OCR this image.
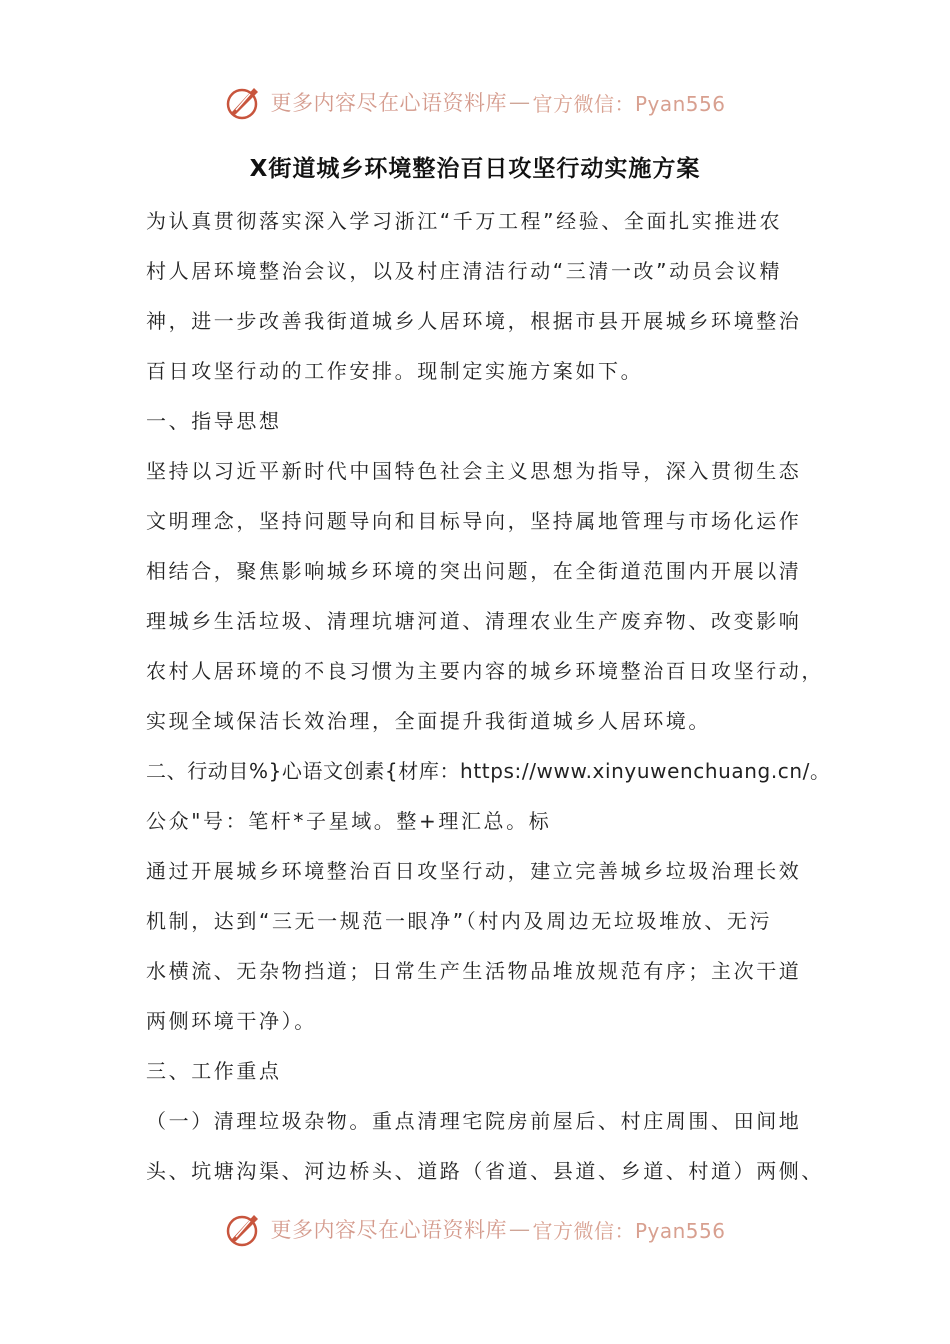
更多内容尽在心语资料库 — 官方微信：Pyan556
X街道城乡环境整治百日攻坚行动实施方案
为认真贯彻落实深入学习浙江“千万工程”经验、全面扎实推进农
村人居环境整治会议，以及村庄清洁行动“三清一改”动员会议精
神，进一步改善我街道城乡人居环境，根据市县开展城乡环境整治
百日攻坚行动的工作安排。现制定实施方案如下。
一、指导思想
坚持以习近平新时代中国特色社会主义思想为指导，深入贯彻生态
文明理念，坚持问题导向和目标导向，坚持属地管理与市场化运作
相结合，聚焦影响城乡环境的突出问题，在全街道范围内开展以清
理城乡生活垃圾、清理坑塘河道、清理农业生产废弃物、改变影响
农村人居环境的不良习惯为主要内容的城乡环境整治百日攻坚行动，
实现全域保洁长效治理，全面提升我街道城乡人居环境。
二、行动目%}心语文创素{材库：https://www.xinyuwenchuang.cn/。
公众"号：笔杆*子星域。整+理汇总。标
通过开展城乡环境整治百日攻坚行动，建立完善城乡垃圾治理长效
机制，达到“三无一规范一眼净”（村内及周边无垃圾堆放、无污
水横流、无杂物挡道；日常生产生活物品堆放规范有序；主次干道
两侧环境干净）。
三、工作重点
（一）清理垃圾杂物。重点清理宅院房前屋后、村庄周围、田间地
头、坑塘沟渠、河边桥头、道路（省道、县道、乡道、村道）两侧、
更多内容尽在心语资料库 — 官方微信：Pyan556
